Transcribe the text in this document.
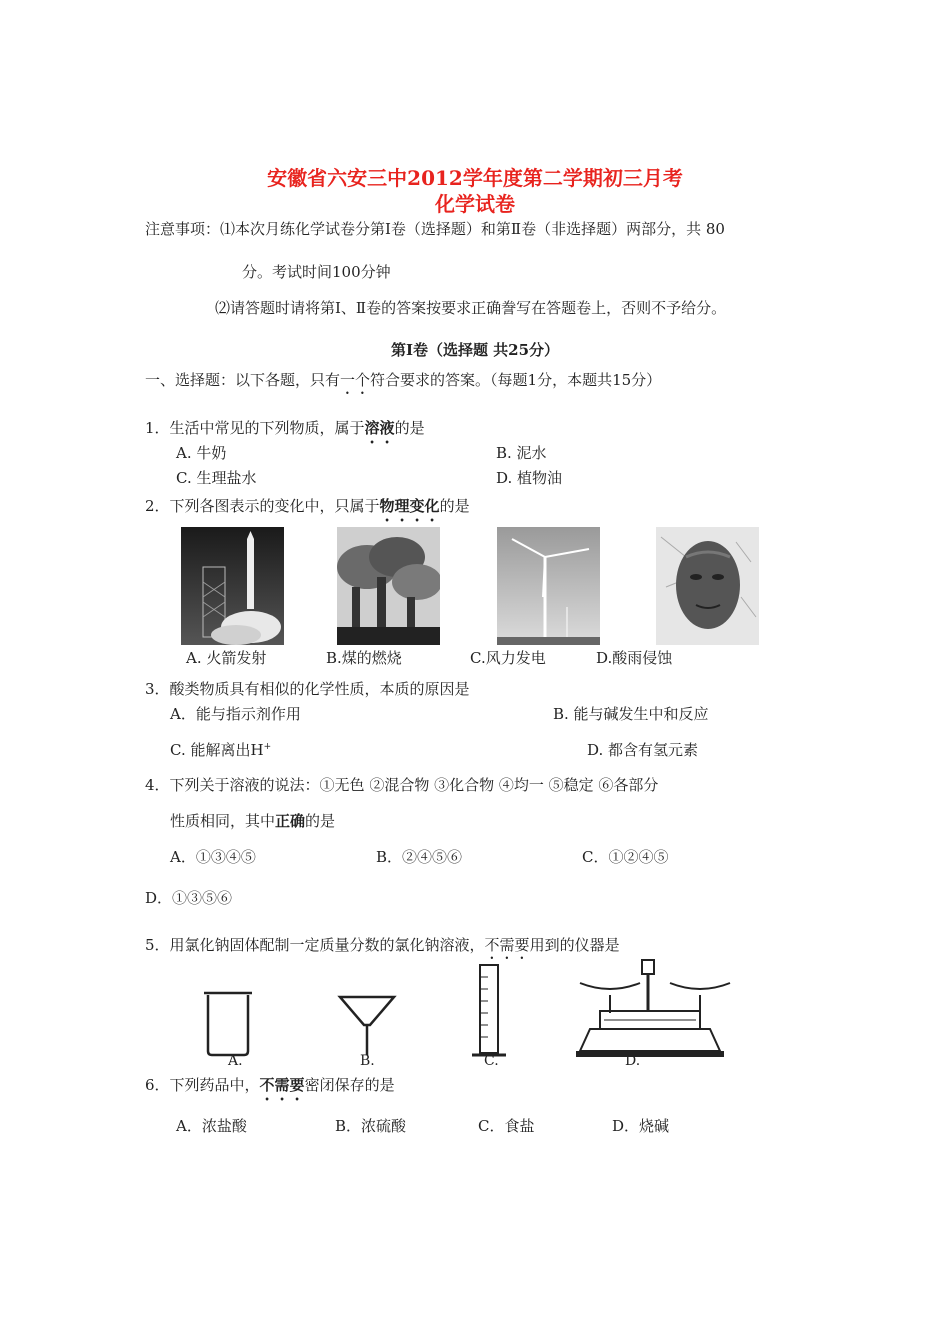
安徽省六安三中2012学年度第二学期初三月考
化学试卷
注意事项：⑴本次月练化学试卷分第Ⅰ卷（选择题）和第Ⅱ卷（非选择题）两部分，共 80
分。考试时间100分钟
⑵请答题时请将第Ⅰ、Ⅱ卷的答案按要求正确誊写在答题卷上，否则不予给分。
第Ⅰ卷（选择题 共25分）
一、选择题：以下各题，只有一个符合要求的答案。（每题1分，本题共15分）
1．生活中常见的下列物质，属于溶液的是
A. 牛奶	B. 泥水
C. 生理盐水	D. 植物油
2．下列各图表示的变化中，只属于物理变化的是
A. 火箭发射	B.煤的燃烧	C.风力发电	D.酸雨侵蚀
3．酸类物质具有相似的化学性质，本质的原因是
A．能与指示剂作用	B. 能与碱发生中和反应
C. 能解离出H+	D. 都含有氢元素
4．下列关于溶液的说法：①无色 ②混合物 ③化合物 ④均一 ⑤稳定 ⑥各部分
性质相同，其中正确的是
A．①③④⑤	B．②④⑤⑥	C．①②④⑤
D．①③⑤⑥
5．用氯化钠固体配制一定质量分数的氯化钠溶液，不需要用到的仪器是
A.	B.	C.	D.
6．下列药品中，不需要密闭保存的是
A．浓盐酸	B．浓硫酸	C．食盐	D．烧碱
